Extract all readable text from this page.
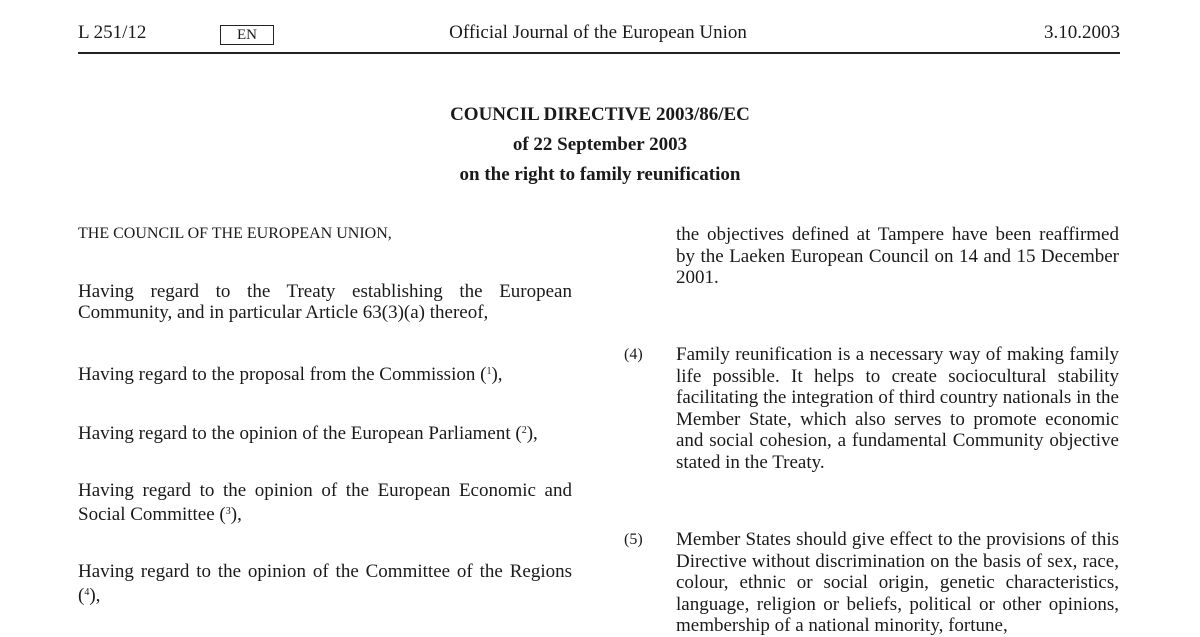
Official Journal of the European Union
L 251/12	EN	3.10.2003
COUNCIL DIRECTIVE 2003/86/EC
of 22 September 2003
on the right to family reunification
THE COUNCIL OF THE EUROPEAN UNION,
Having regard to the Treaty establishing the European Community, and in particular Article 63(3)(a) thereof,
Having regard to the proposal from the Commission ($^1$),
Having regard to the opinion of the European Parliament ($^2$),
Having regard to the opinion of the European Economic and Social Committee ($^3$),
Having regard to the opinion of the Committee of the Regions ($^4$),
the objectives defined at Tampere have been reaffirmed by the Laeken European Council on 14 and 15 December 2001.
(4) Family reunification is a necessary way of making family life possible. It helps to create sociocultural stability facilitating the integration of third country nationals in the Member State, which also serves to promote economic and social cohesion, a fundamental Community objective stated in the Treaty.
(5) Member States should give effect to the provisions of this Directive without discrimination on the basis of sex, race, colour, ethnic or social origin, genetic characteristics, language, religion or beliefs, political or other opinions, membership of a national minority, fortune,
